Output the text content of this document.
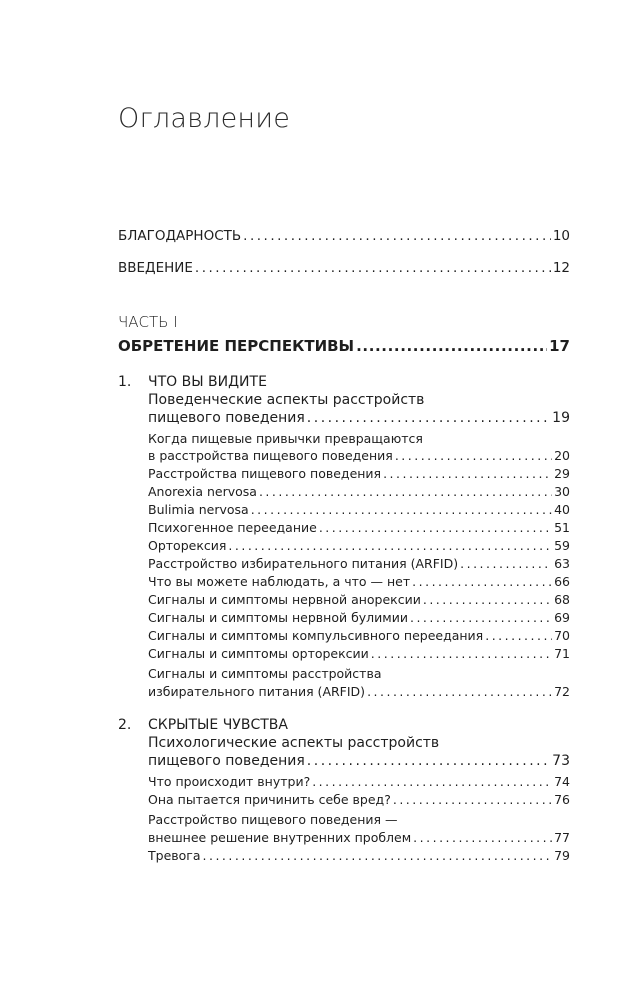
Оглавление
БЛАГОДАРНОСТЬ .....	10
ВВЕДЕНИЕ .....	12
ЧАСТЬ I
ОБРЕТЕНИЕ ПЕРСПЕКТИВЫ .....	17
1. ЧТО ВЫ ВИДИТЕ
Поведенческие аспекты расстройств
пищевого поведения .....	19
Когда пищевые привычки превращаются
в расстройства пищевого поведения .....	20
Расстройства пищевого поведения .....	29
Anorexia nervosa .....	30
Bulimia nervosa .....	40
Психогенное переедание .....	51
Орторексия .....	59
Расстройство избирательного питания (ARFID) .....	63
Что вы можете наблюдать, а что — нет .....	66
Сигналы и симптомы нервной анорексии .....	68
Сигналы и симптомы нервной булимии .....	69
Сигналы и симптомы компульсивного переедания .....	70
Сигналы и симптомы орторексии .....	71
Сигналы и симптомы расстройства
избирательного питания (ARFID) .....	72
2. СКРЫТЫЕ ЧУВСТВА
Психологические аспекты расстройств
пищевого поведения .....	73
Что происходит внутри? .....	74
Она пытается причинить себе вред? .....	76
Расстройство пищевого поведения —
внешнее решение внутренних проблем .....	77
Тревога .....	79
